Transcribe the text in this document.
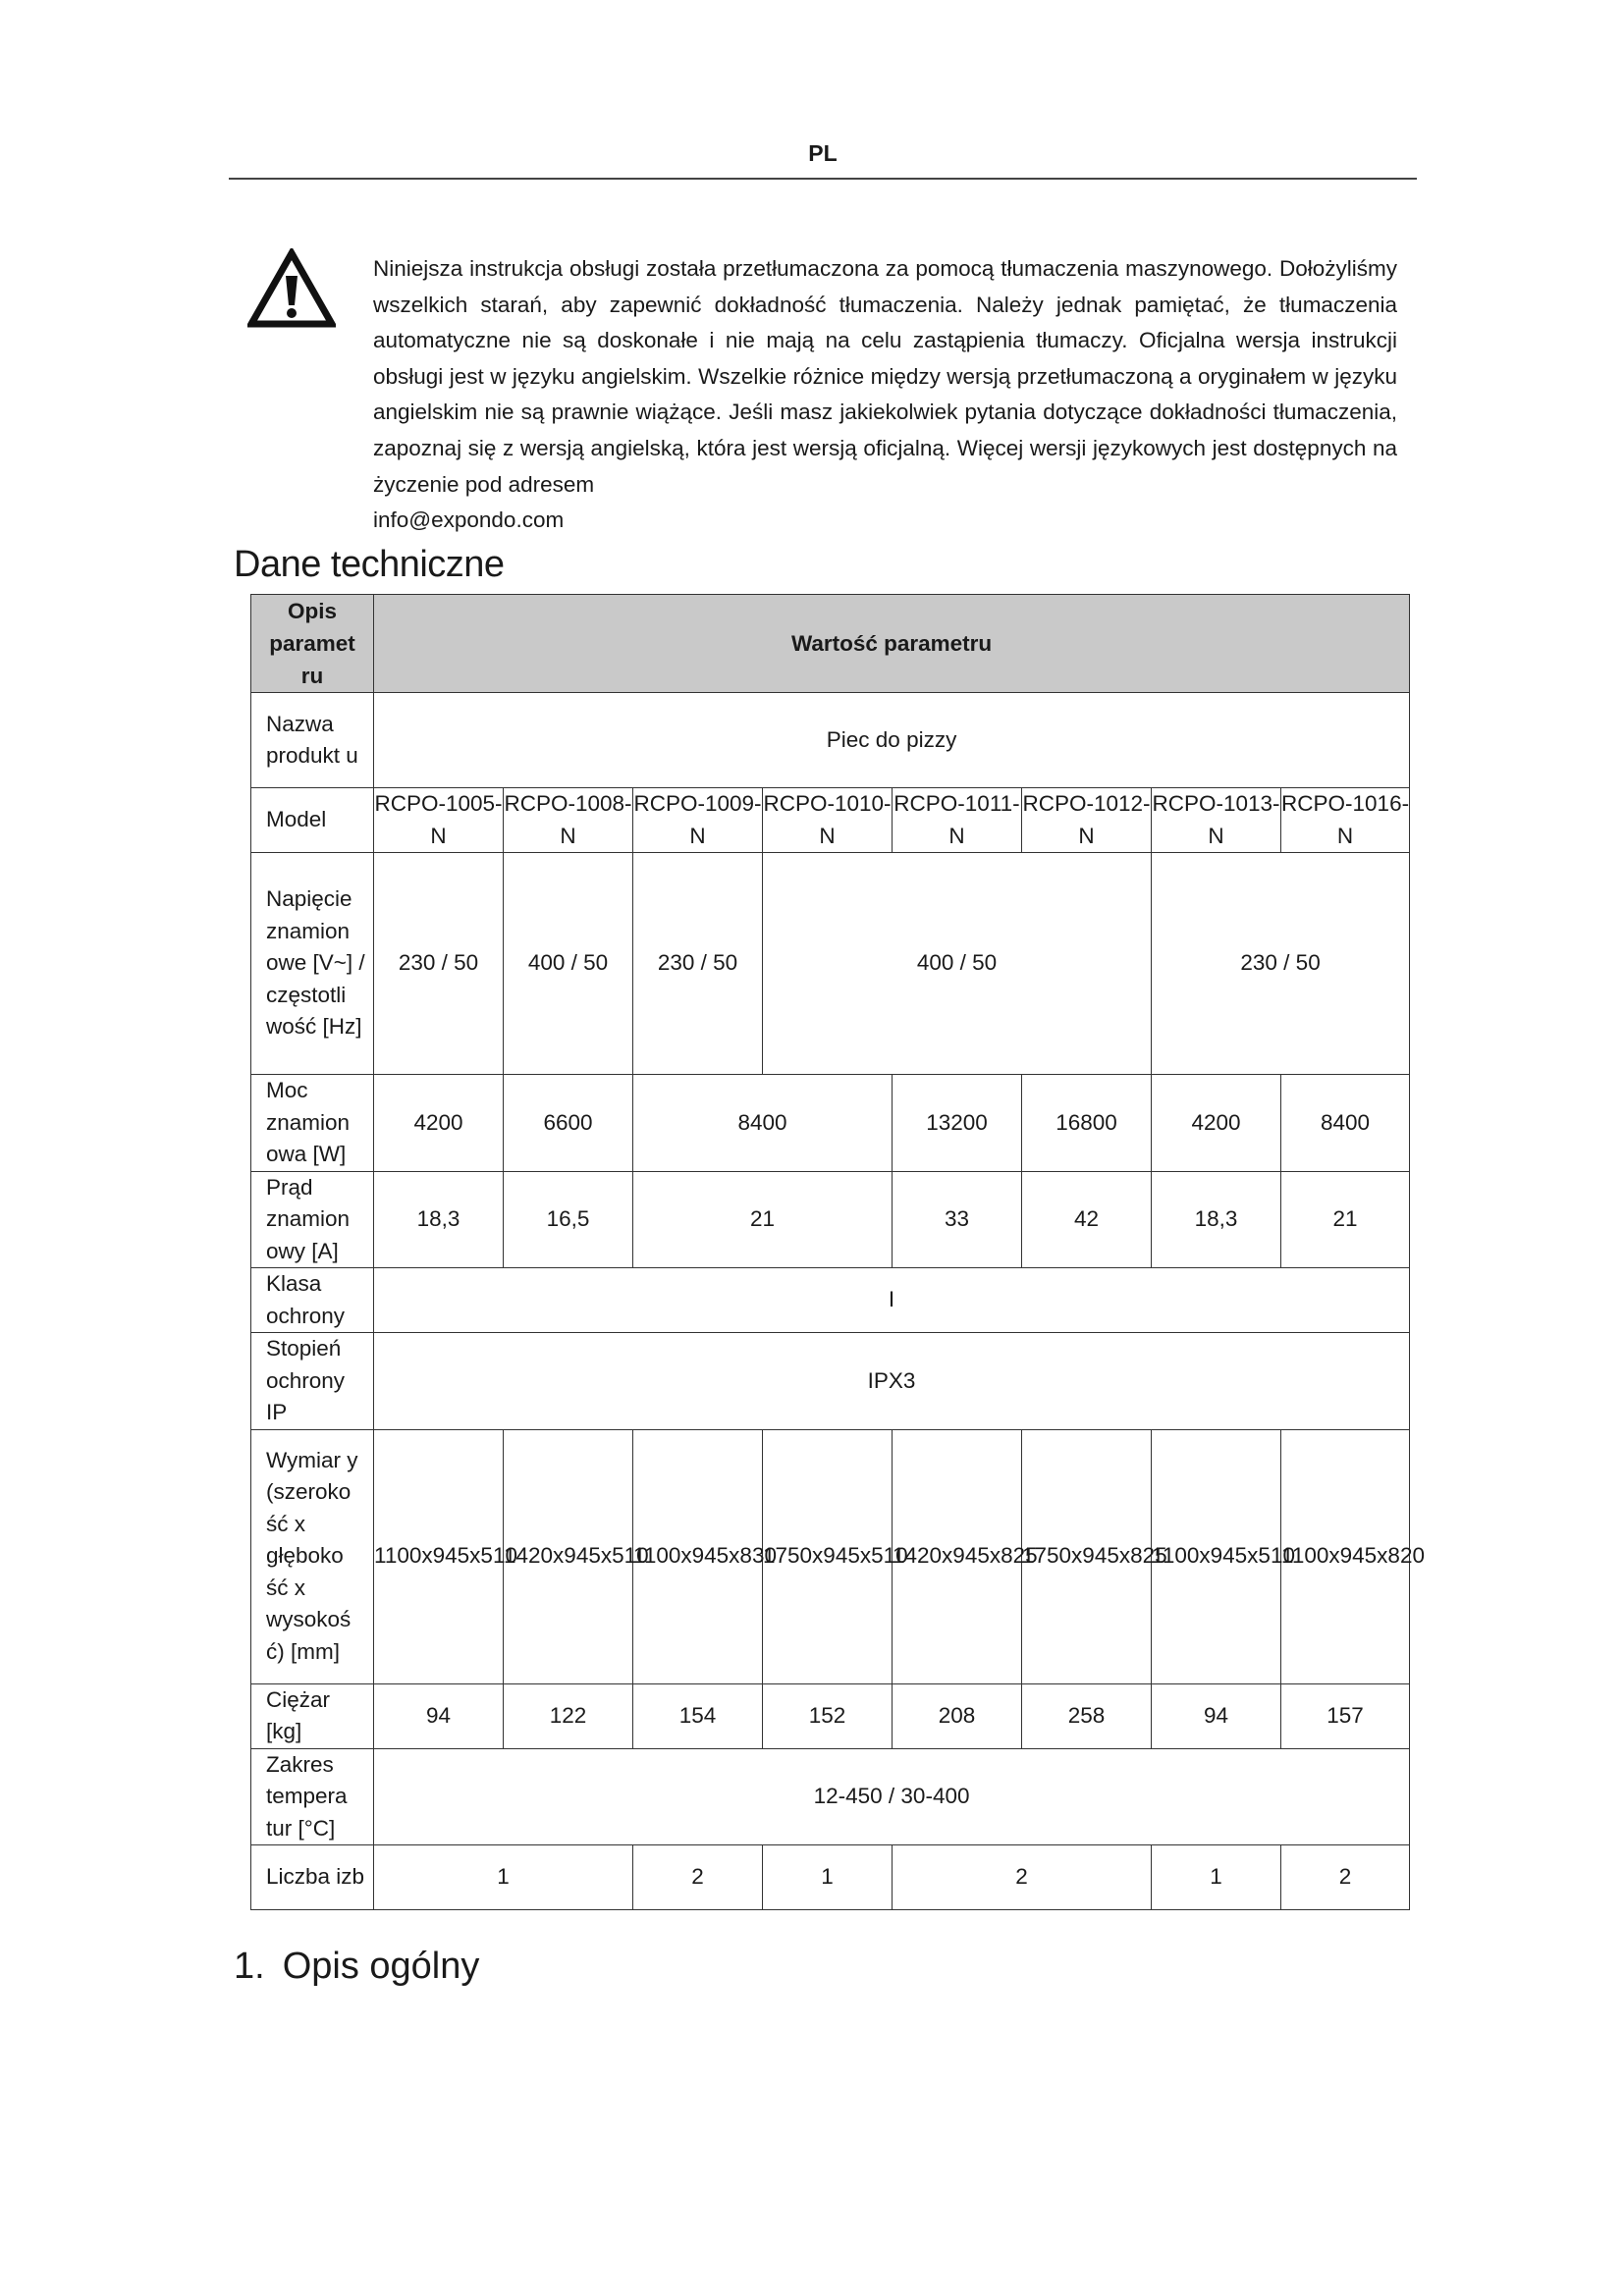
PL

Niniejsza instrukcja obsługi została przetłumaczona za pomocą tłumaczenia maszynowego. Dołożyliśmy wszelkich starań, aby zapewnić dokładność tłumaczenia. Należy jednak pamiętać, że tłumaczenia automatyczne nie są doskonałe i nie mają na celu zastąpienia tłumaczy. Oficjalna wersja instrukcji obsługi jest w języku angielskim. Wszelkie różnice między wersją przetłumaczoną a oryginałem w języku angielskim nie są prawnie wiążące. Jeśli masz jakiekolwiek pytania dotyczące dokładności tłumaczenia, zapoznaj się z wersją angielską, która jest wersją oficjalną. Więcej wersji językowych jest dostępnych na życzenie pod adresem

info@expondo.com
Dane techniczne
Opis paramet ru	Wartość parametru							
Nazwa produkt u	Piec do pizzy							
Model	RCPO-1005-N	RCPO-1008-N	RCPO-1009-N	RCPO-1010-N	RCPO-1011-N	RCPO-1012-N	RCPO-1013-N	RCPO-1016-N
Napięcie znamion owe [V~] / częstotli wość [Hz]	230 / 50	400 / 50	230 / 50	400 / 50			230 / 50	
Moc znamion owa [W]	4200	6600	8400		13200	16800	4200	8400
Prąd znamion owy [A]	18,3	16,5	21		33	42	18,3	21
Klasa ochrony	I							
Stopień ochrony IP	IPX3							
Wymiar y (szeroko ść x głęboko ść x wysokoś ć) [mm]	1100x945x510	1420x945x510	1100x945x830	1750x945x510	1420x945x825	1750x945x825	1100x945x510	1100x945x820
Ciężar [kg]	94	122	154	152	208	258	94	157
Zakres tempera tur [°C]	12-450 / 30-400							
Liczba izb	1		2	1	2		1	2
1. Opis ogólny
